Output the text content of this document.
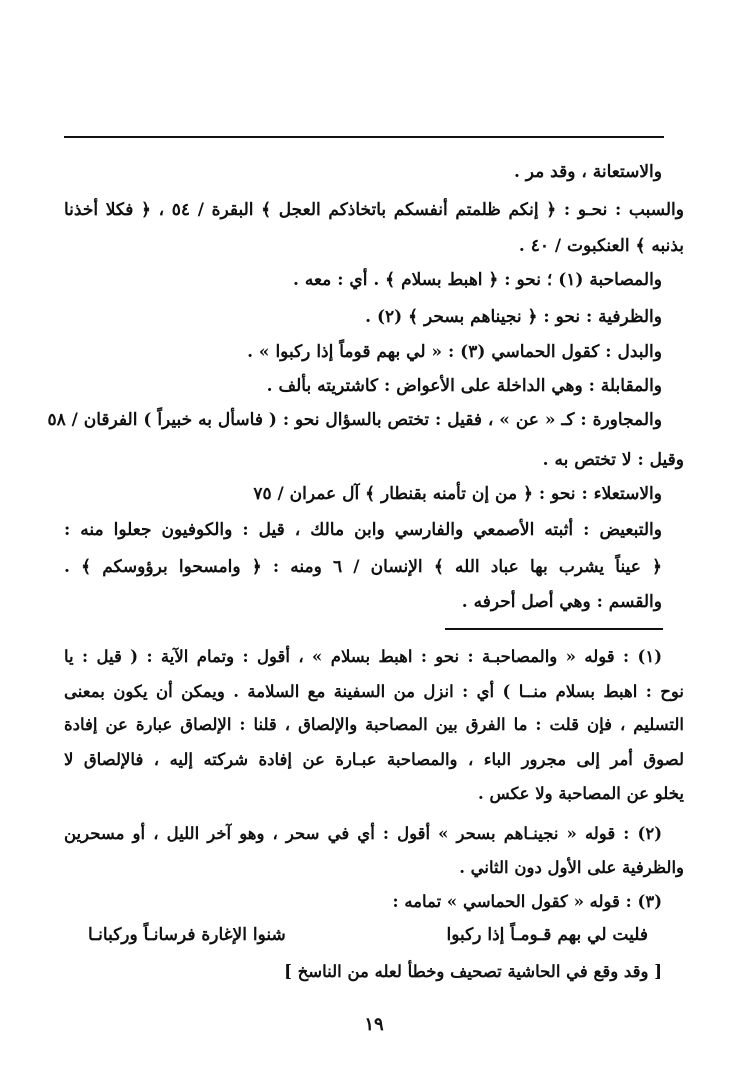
والاستعانة ، وقد مر .
والسبب : نحـو : ﴿ إنكم ظلمتم أنفسكم باتخاذكم العجل ﴾ البقرة / ٥٤ ، ﴿ فكلا أخذنا
بذنبه ﴾ العنكبوت / ٤٠ .
والمصاحبة (١) ؛ نحو : ﴿ اهبط بسلام ﴾ . أي : معه .
والظرفية : نحو : ﴿ نجيناهم بسحر ﴾ (٢) .
والبدل : كقول الحماسي (٣) : « لي بهم قوماً إذا ركبوا » .
والمقابلة : وهي الداخلة على الأعواض : كاشتريته بألف .
والمجاورة : كـ « عن » ، فقيل : تختص بالسؤال نحو : ( فاسأل به خبيراً ) الفرقان / ٥٨
وقيل : لا تختص به .
والاستعلاء : نحو : ﴿ من إن تأمنه بقنطار ﴾ آل عمران / ٧٥
والتبعيض : أثبته الأصمعي والفارسي وابن مالك ، قيل : والكوفيون جعلوا منه :
﴿ عيناً يشرب بها عباد الله ﴾ الإنسان / ٦ ومنه : ﴿ وامسحوا برؤوسكم ﴾ .
والقسم : وهي أصل أحرفه .
(١) : قوله « والمصاحبـة : نحو : اهبط بسلام » ، أقول : وتمام الآية : ( قيل : يا
نوح : اهبط بسلام منــا ) أي : انزل من السفينة مع السلامة . ويمكن أن يكون بمعنى
التسليم ، فإن قلت : ما الفرق بين المصاحبة والإلصاق ، قلنا : الإلصاق عبارة عن إفادة
لصوق أمر إلى مجرور الباء ، والمصاحبة عبـارة عن إفادة شركته إليه ، فالإلصاق لا
يخلو عن المصاحبة ولا عكس .
(٢) : قوله « نجينـاهم بسحر » أقول : أي في سحر ، وهو آخر الليل ، أو مسحرين
والظرفية على الأول دون الثاني .
(٣) : قوله « كقول الحماسي » تمامه :
فليت لي بهم قـومـاً إذا ركبوا
شنوا الإغارة فرسانـاً وركبانـا
[ وقد وقع في الحاشية تصحيف وخطأ لعله من الناسخ ]
١٩
